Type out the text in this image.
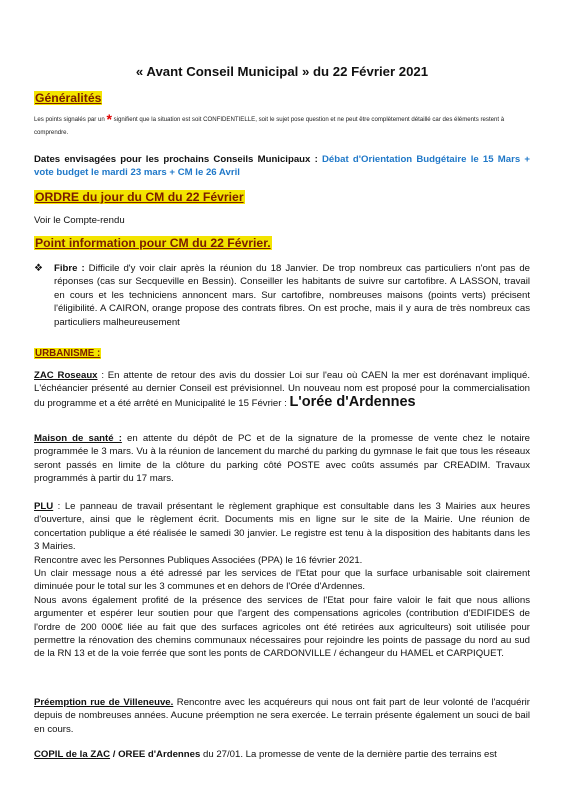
« Avant Conseil Municipal » du 22 Février 2021
Généralités
Les points signalés par un * signifient que la situation est soit CONFIDENTIELLE, soit le sujet pose question et ne peut être complètement détaillé car des éléments restent à comprendre.

Dates envisagées pour les prochains Conseils Municipaux : Débat d'Orientation Budgétaire le 15 Mars + vote budget le mardi 23 mars + CM le 26 Avril

ORDRE du jour du CM du 22 Février

Voir le Compte-rendu

Point information pour CM du 22 Février.

❖ Fibre : Difficile d'y voir clair après la réunion du 18 Janvier. De trop nombreux cas particuliers n'ont pas de réponses (cas sur Secqueville en Bessin). Conseiller les habitants de suivre sur cartofibre. A LASSON, travail en cours et les techniciens annoncent mars. Sur cartofibre, nombreuses maisons (points verts) précisent l'éligibilité. A CAIRON, orange propose des contrats fibres. On est proche, mais il y aura de très nombreux cas particuliers malheureusement

URBANISME :

ZAC Roseaux : En attente de retour des avis du dossier Loi sur l'eau où CAEN la mer est dorénavant impliqué. L'échéancier présenté au dernier Conseil est prévisionnel. Un nouveau nom est proposé pour la commercialisation du programme et a été arrêté en Municipalité le 15 Février : L'orée d'Ardennes

Maison de santé : en attente du dépôt de PC et de la signature de la promesse de vente chez le notaire programmée le 3 mars. Vu à la réunion de lancement du marché du parking du gymnase le fait que tous les réseaux seront passés en limite de la clôture du parking côté POSTE avec coûts assumés par CREADIM. Travaux programmés à partir du 17 mars.

PLU : Le panneau de travail présentant le règlement graphique est consultable dans les 3 Mairies aux heures d'ouverture, ainsi que le règlement écrit. Documents mis en ligne sur le site de la Mairie. Une réunion de concertation publique a été réalisée le samedi 30 janvier. Le registre est tenu à la disposition des habitants dans les 3 Mairies.
Rencontre avec les Personnes Publiques Associées (PPA) le 16 février 2021.
Un clair message nous a été adressé par les services de l'Etat pour que la surface urbanisable soit clairement diminuée pour le total sur les 3 communes et en dehors de l'Orée d'Ardennes.
Nous avons également profité de la présence des services de l'Etat pour faire valoir le fait que nous allions argumenter et espérer leur soutien pour que l'argent des compensations agricoles (contribution d'EDIFIDES de l'ordre de 200 000€ liée au fait que des surfaces agricoles ont été retirées aux agriculteurs) soit utilisée pour permettre la rénovation des chemins communaux nécessaires pour rejoindre les points de passage du nord au sud de la RN 13 et de la voie ferrée que sont les ponts de CARDONVILLE / échangeur du HAMEL et CARPIQUET.

Préemption rue de Villeneuve. Rencontre avec les acquéreurs qui nous ont fait part de leur volonté de l'acquérir depuis de nombreuses années. Aucune préemption ne sera exercée. Le terrain présente également un souci de bail en cours.

COPIL de la ZAC / OREE d'Ardennes du 27/01. La promesse de vente de la dernière partie des terrains est
